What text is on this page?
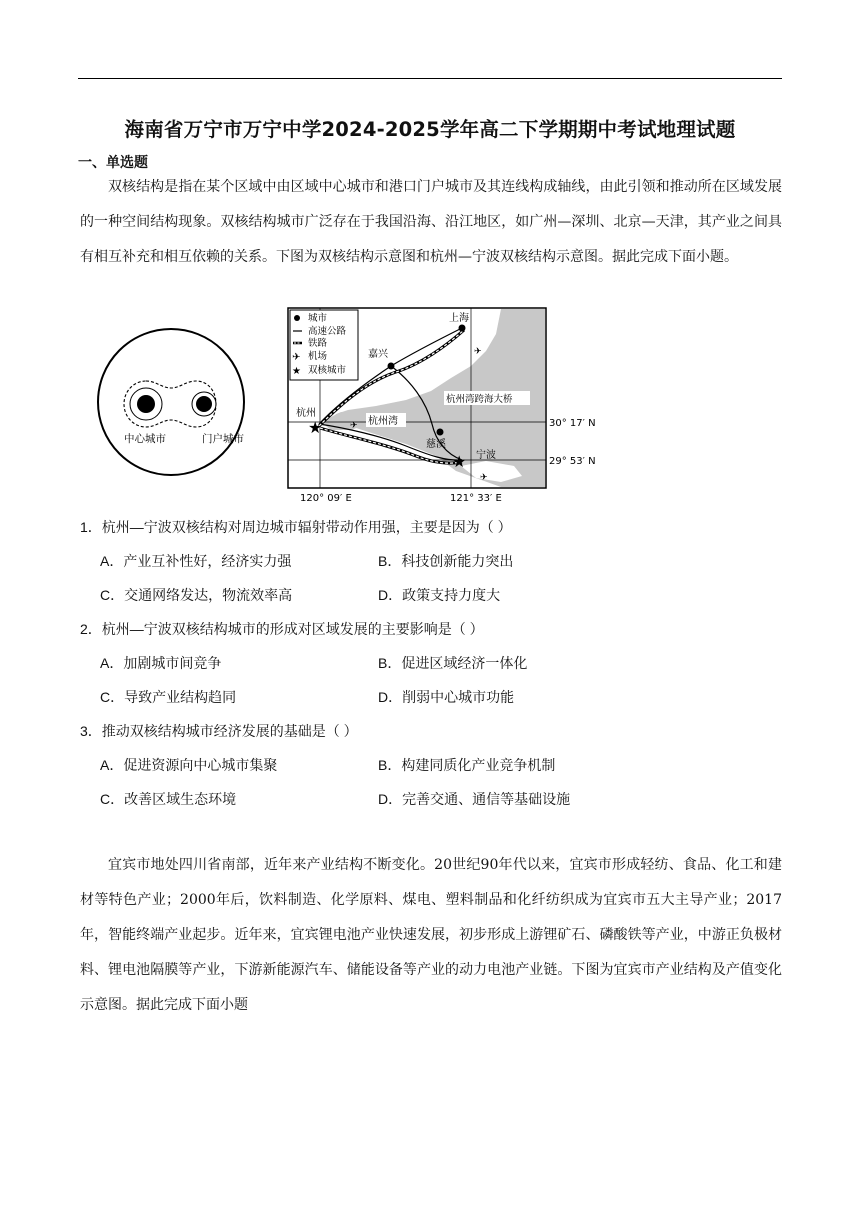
海南省万宁市万宁中学2024-2025学年高二下学期期中考试地理试题
一、单选题

双核结构是指在某个区域中由区域中心城市和港口门户城市及其连线构成轴线，由此引领和推动所在区域发展的一种空间结构现象。双核结构城市广泛存在于我国沿海、沿江地区，如广州—深圳、北京—天津，其产业之间具有相互补充和相互依赖的关系。下图为双核结构示意图和杭州—宁波双核结构示意图。据此完成下面小题。

中心城市	门户城市
✈
★
城市
高速公路
铁路
机场
双核城市
★
★
✈
✈
✈
上海
嘉兴
杭州
杭州湾
杭州湾跨海大桥
慈溪
宁波
30° 17′ N
29° 53′ N
120° 09′ E	121° 33′ E
1．杭州—宁波双核结构对周边城市辐射带动作用强，主要是因为（ ）
A．产业互补性好，经济实力强	B．科技创新能力突出
C．交通网络发达，物流效率高	D．政策支持力度大
2．杭州—宁波双核结构城市的形成对区域发展的主要影响是（ ）
A．加剧城市间竞争	B．促进区域经济一体化
C．导致产业结构趋同	D．削弱中心城市功能
3．推动双核结构城市经济发展的基础是（ ）
A．促进资源向中心城市集聚	B．构建同质化产业竞争机制
C．改善区域生态环境	D．完善交通、通信等基础设施

宜宾市地处四川省南部，近年来产业结构不断变化。20世纪90年代以来，宜宾市形成轻纺、食品、化工和建材等特色产业；2000年后，饮料制造、化学原料、煤电、塑料制品和化纤纺织成为宜宾市五大主导产业；2017年，智能终端产业起步。近年来，宜宾锂电池产业快速发展，初步形成上游锂矿石、磷酸铁等产业，中游正负极材料、锂电池隔膜等产业，下游新能源汽车、储能设备等产业的动力电池产业链。下图为宜宾市产业结构及产值变化示意图。据此完成下面小题
